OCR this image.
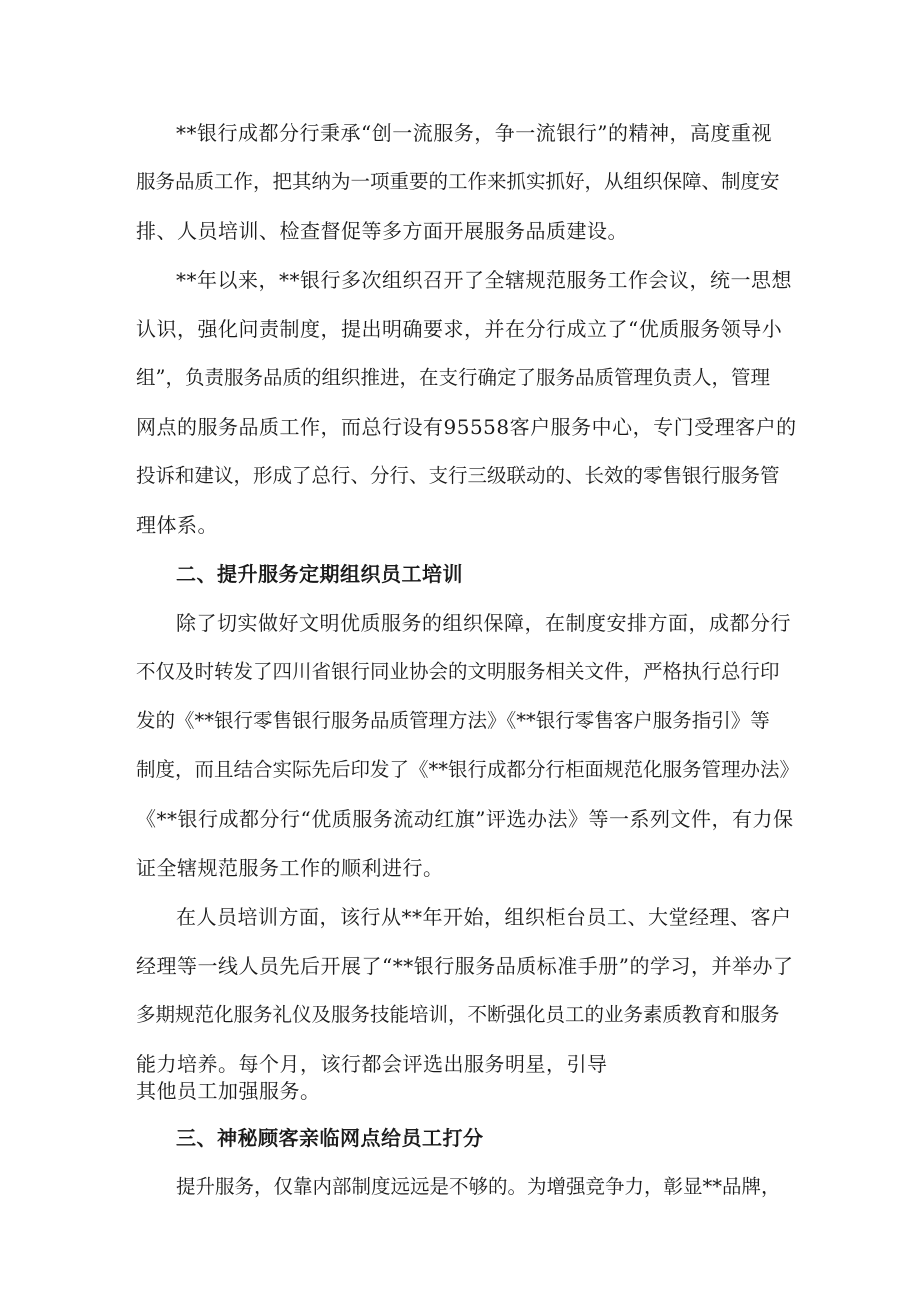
**银行成都分行秉承“创一流服务，争一流银行”的精神，高度重视
服务品质工作，把其纳为一项重要的工作来抓实抓好，从组织保障、制度安
排、人员培训、检查督促等多方面开展服务品质建设。
**年以来，**银行多次组织召开了全辖规范服务工作会议，统一思想
认识，强化问责制度，提出明确要求，并在分行成立了“优质服务领导小
组”，负责服务品质的组织推进，在支行确定了服务品质管理负责人，管理
网点的服务品质工作，而总行设有95558客户服务中心，专门受理客户的
投诉和建议，形成了总行、分行、支行三级联动的、长效的零售银行服务管
理体系。
二、提升服务定期组织员工培训
除了切实做好文明优质服务的组织保障，在制度安排方面，成都分行
不仅及时转发了四川省银行同业协会的文明服务相关文件，严格执行总行印
发的《**银行零售银行服务品质管理方法》《**银行零售客户服务指引》等
制度，而且结合实际先后印发了《**银行成都分行柜面规范化服务管理办法》
《**银行成都分行“优质服务流动红旗”评选办法》等一系列文件，有力保
证全辖规范服务工作的顺利进行。
在人员培训方面，该行从**年开始，组织柜台员工、大堂经理、客户
经理等一线人员先后开展了“**银行服务品质标准手册”的学习，并举办了
多期规范化服务礼仪及服务技能培训，不断强化员工的业务素质教育和服务
能力培养。每个月，该行都会评选出服务明星，引导
其他员工加强服务。
三、神秘顾客亲临网点给员工打分
提升服务，仅靠内部制度远远是不够的。为增强竞争力，彰显**品牌，
